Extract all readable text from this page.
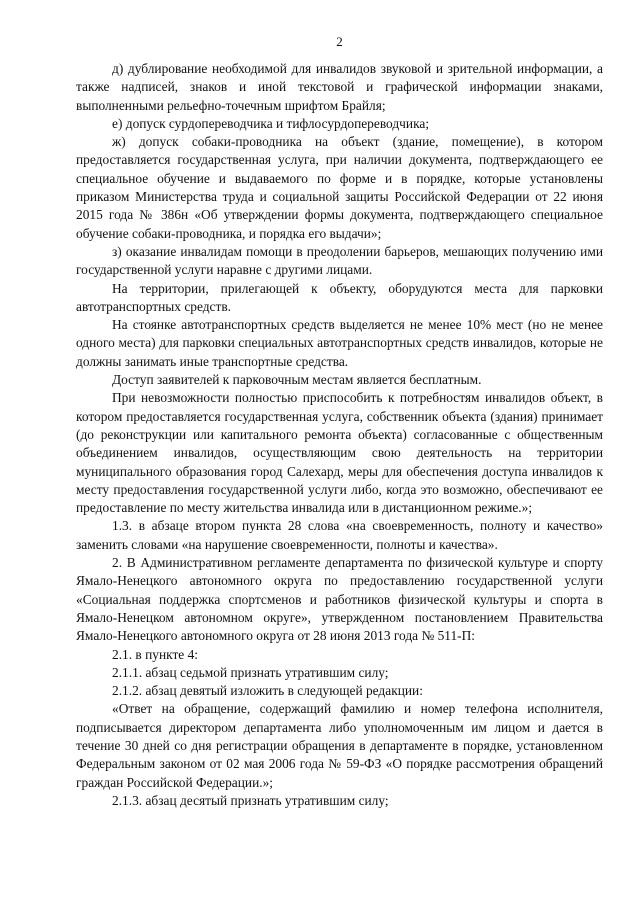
2

д) дублирование необходимой для инвалидов звуковой и зрительной информации, а также надписей, знаков и иной текстовой и графической информации знаками, выполненными рельефно-точечным шрифтом Брайля;

е) допуск сурдопереводчика и тифлосурдопереводчика;

ж) допуск собаки-проводника на объект (здание, помещение), в котором предоставляется государственная услуга, при наличии документа, подтверждающего ее специальное обучение и выдаваемого по форме и в порядке, которые установлены приказом Министерства труда и социальной защиты Российской Федерации от 22 июня 2015 года № 386н «Об утверждении формы документа, подтверждающего специальное обучение собаки-проводника, и порядка его выдачи»;

з) оказание инвалидам помощи в преодолении барьеров, мешающих получению ими государственной услуги наравне с другими лицами.

На территории, прилегающей к объекту, оборудуются места для парковки автотранспортных средств.

На стоянке автотранспортных средств выделяется не менее 10% мест (но не менее одного места) для парковки специальных автотранспортных средств инвалидов, которые не должны занимать иные транспортные средства.

Доступ заявителей к парковочным местам является бесплатным.

При невозможности полностью приспособить к потребностям инвалидов объект, в котором предоставляется государственная услуга, собственник объекта (здания) принимает (до реконструкции или капитального ремонта объекта) согласованные с общественным объединением инвалидов, осуществляющим свою деятельность на территории муниципального образования город Салехард, меры для обеспечения доступа инвалидов к месту предоставления государственной услуги либо, когда это возможно, обеспечивают ее предоставление по месту жительства инвалида или в дистанционном режиме.»;

1.3. в абзаце втором пункта 28 слова «на своевременность, полноту и качество» заменить словами «на нарушение своевременности, полноты и качества».

2. В Административном регламенте департамента по физической культуре и спорту Ямало-Ненецкого автономного округа по предоставлению государственной услуги «Социальная поддержка спортсменов и работников физической культуры и спорта в Ямало-Ненецком автономном округе», утвержденном постановлением Правительства Ямало-Ненецкого автономного округа от 28 июня 2013 года № 511-П:

2.1. в пункте 4:

2.1.1. абзац седьмой признать утратившим силу;

2.1.2. абзац девятый изложить в следующей редакции:

«Ответ на обращение, содержащий фамилию и номер телефона исполнителя, подписывается директором департамента либо уполномоченным им лицом и дается в течение 30 дней со дня регистрации обращения в департаменте в порядке, установленном Федеральным законом от 02 мая 2006 года № 59-ФЗ «О порядке рассмотрения обращений граждан Российской Федерации.»;

2.1.3. абзац десятый признать утратившим силу;
